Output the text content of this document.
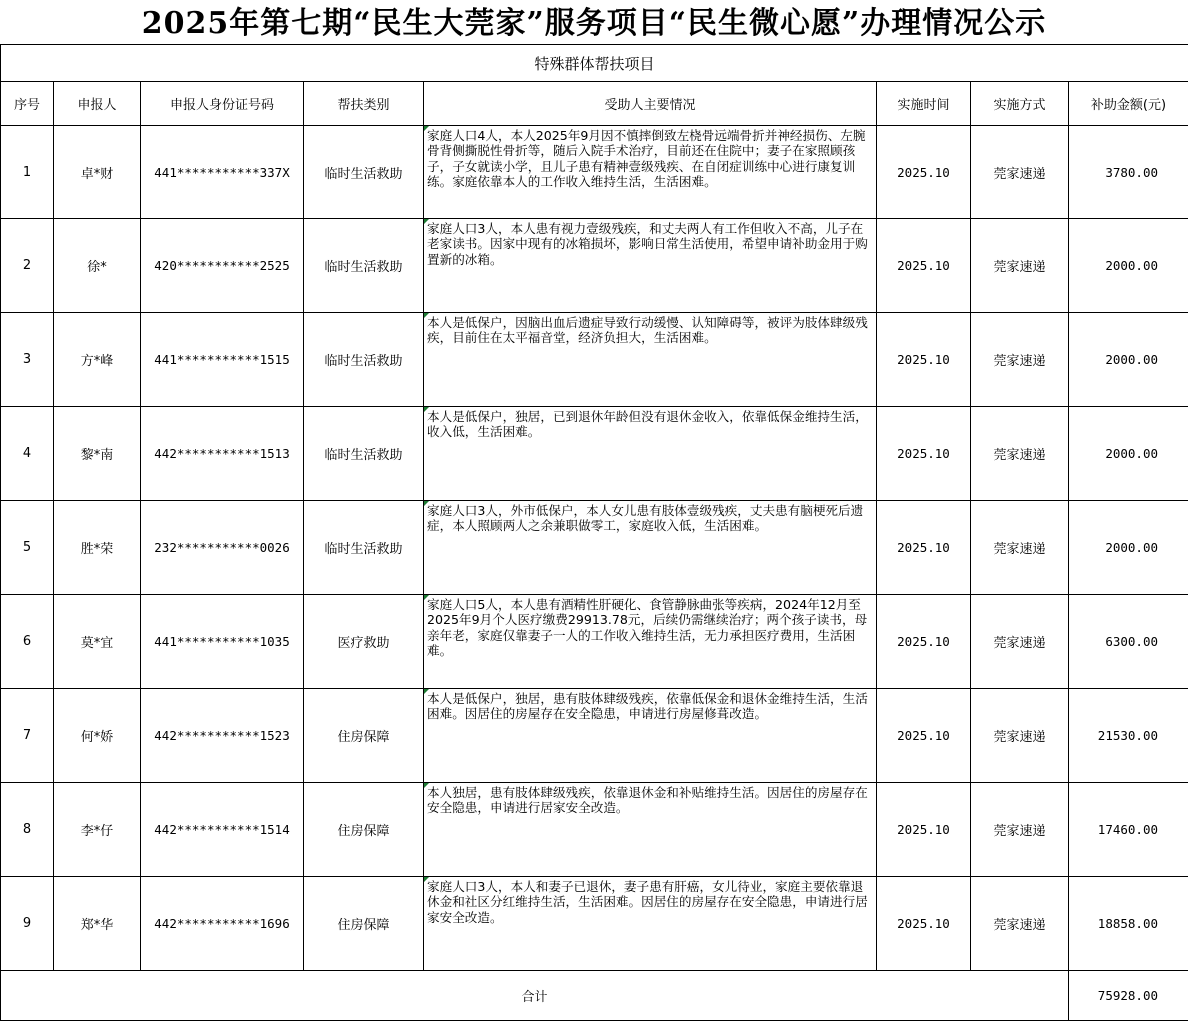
2025年第七期“民生大莞家”服务项目“民生微心愿”办理情况公示
特殊群体帮扶项目							
序号	申报人	申报人身份证号码	帮扶类别	受助人主要情况	实施时间	实施方式	补助金额(元)
1	卓*财	441***********337X	临时生活救助	家庭人口4人，本人2025年9月因不慎摔倒致左桡骨远端骨折并神经损伤、左腕骨背侧撕脱性骨折等，随后入院手术治疗，目前还在住院中；妻子在家照顾孩子，子女就读小学，且儿子患有精神壹级残疾、在自闭症训练中心进行康复训练。家庭依靠本人的工作收入维持生活，生活困难。	2025.10	莞家速递	3780.00
2	徐*	420***********2525	临时生活救助	家庭人口3人，本人患有视力壹级残疾，和丈夫两人有工作但收入不高，儿子在老家读书。因家中现有的冰箱损坏，影响日常生活使用，希望申请补助金用于购置新的冰箱。	2025.10	莞家速递	2000.00
3	方*峰	441***********1515	临时生活救助	本人是低保户，因脑出血后遗症导致行动缓慢、认知障碍等，被评为肢体肆级残疾，目前住在太平福音堂，经济负担大，生活困难。	2025.10	莞家速递	2000.00
4	黎*南	442***********1513	临时生活救助	本人是低保户，独居，已到退休年龄但没有退休金收入，依靠低保金维持生活，收入低，生活困难。	2025.10	莞家速递	2000.00
5	胜*荣	232***********0026	临时生活救助	家庭人口3人，外市低保户，本人女儿患有肢体壹级残疾，丈夫患有脑梗死后遗症，本人照顾两人之余兼职做零工，家庭收入低，生活困难。	2025.10	莞家速递	2000.00
6	莫*宜	441***********1035	医疗救助	家庭人口5人，本人患有酒精性肝硬化、食管静脉曲张等疾病，2024年12月至2025年9月个人医疗缴费29913.78元，后续仍需继续治疗；两个孩子读书，母亲年老，家庭仅靠妻子一人的工作收入维持生活，无力承担医疗费用，生活困难。	2025.10	莞家速递	6300.00
7	何*娇	442***********1523	住房保障	本人是低保户，独居，患有肢体肆级残疾，依靠低保金和退休金维持生活，生活困难。因居住的房屋存在安全隐患，申请进行房屋修葺改造。	2025.10	莞家速递	21530.00
8	李*仔	442***********1514	住房保障	本人独居，患有肢体肆级残疾，依靠退休金和补贴维持生活。因居住的房屋存在安全隐患，申请进行居家安全改造。	2025.10	莞家速递	17460.00
9	郑*华	442***********1696	住房保障	家庭人口3人，本人和妻子已退休，妻子患有肝癌，女儿待业，家庭主要依靠退休金和社区分红维持生活，生活困难。因居住的房屋存在安全隐患，申请进行居家安全改造。	2025.10	莞家速递	18858.00
合计							75928.00
